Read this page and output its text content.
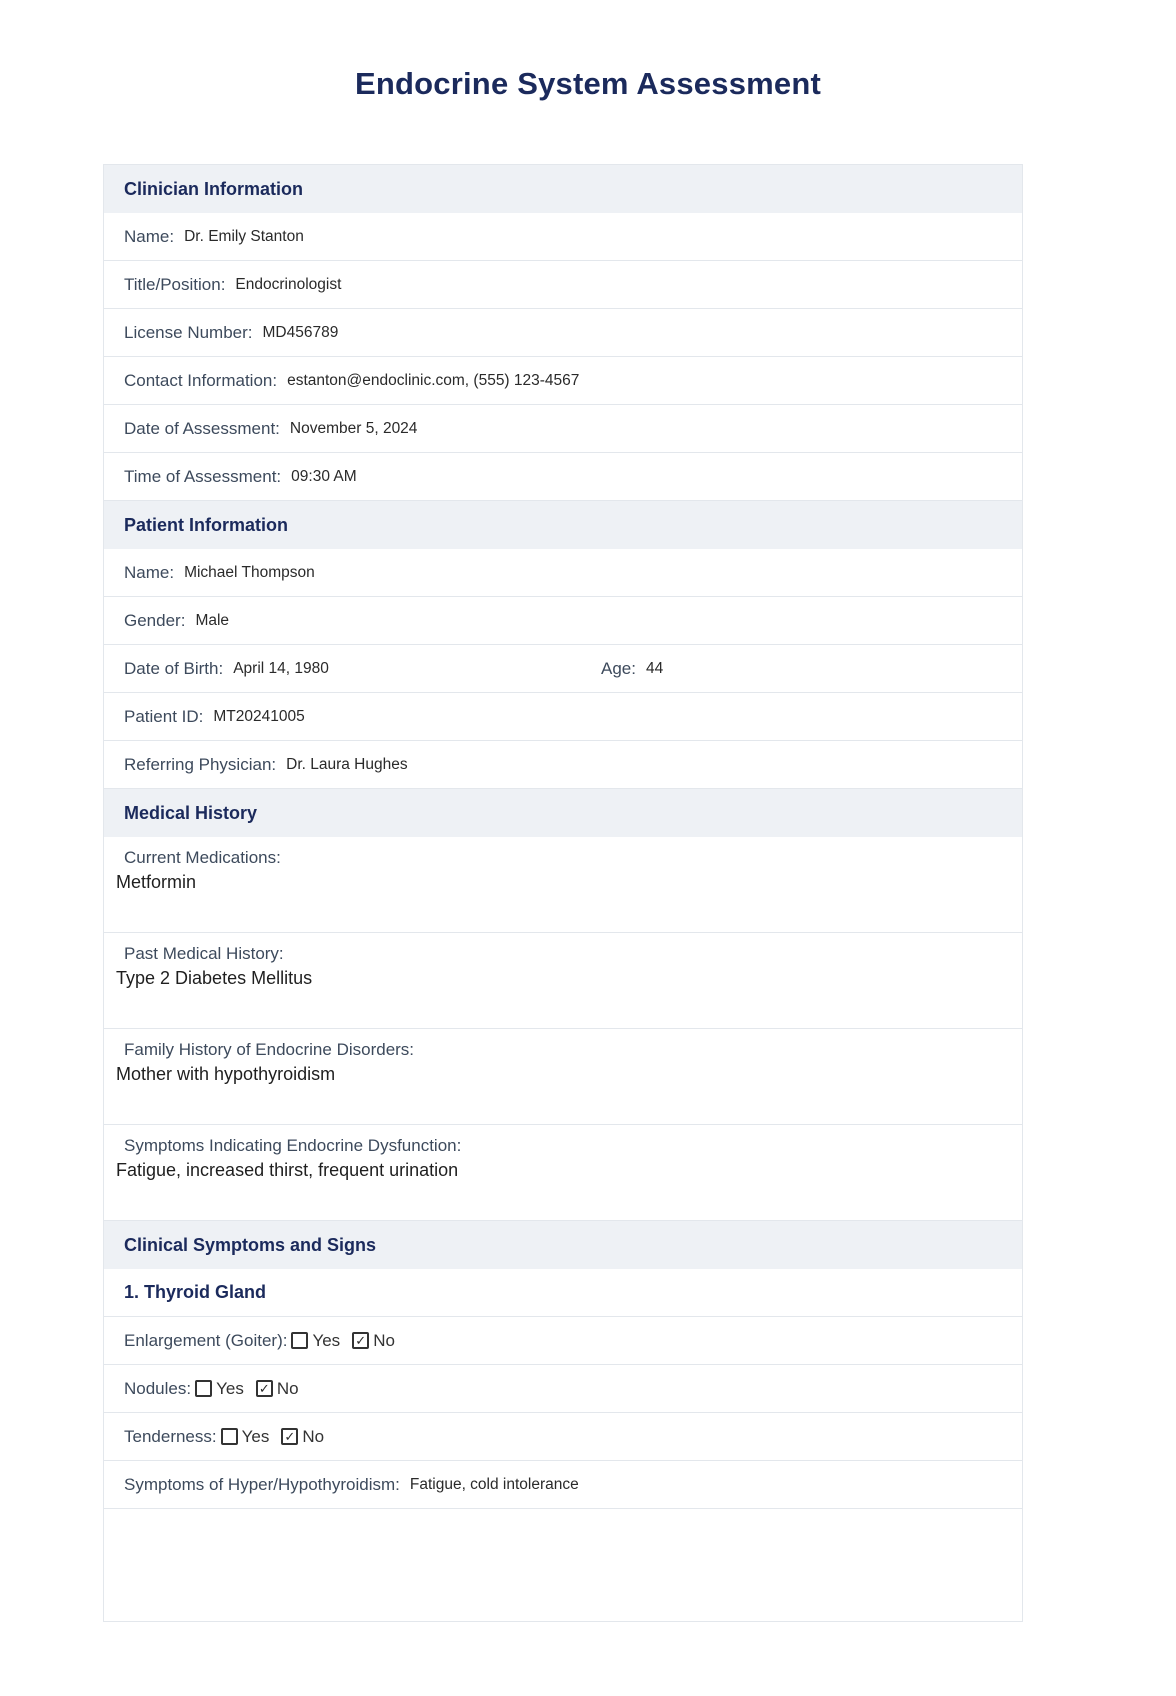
Endocrine System Assessment
Clinician Information
Name: Dr. Emily Stanton
Title/Position: Endocrinologist
License Number: MD456789
Contact Information: estanton@endoclinic.com, (555) 123-4567
Date of Assessment: November 5, 2024
Time of Assessment: 09:30 AM
Patient Information
Name: Michael Thompson
Gender: Male
Date of Birth: April 14, 1980	Age: 44
Patient ID: MT20241005
Referring Physician: Dr. Laura Hughes
Medical History
Current Medications:
Metformin
Past Medical History:
Type 2 Diabetes Mellitus
Family History of Endocrine Disorders:
Mother with hypothyroidism
Symptoms Indicating Endocrine Dysfunction:
Fatigue, increased thirst, frequent urination
Clinical Symptoms and Signs
1. Thyroid Gland
Enlargement (Goiter): Yes ✓ No
Nodules: Yes ✓ No
Tenderness: Yes ✓ No
Symptoms of Hyper/Hypothyroidism: Fatigue, cold intolerance
